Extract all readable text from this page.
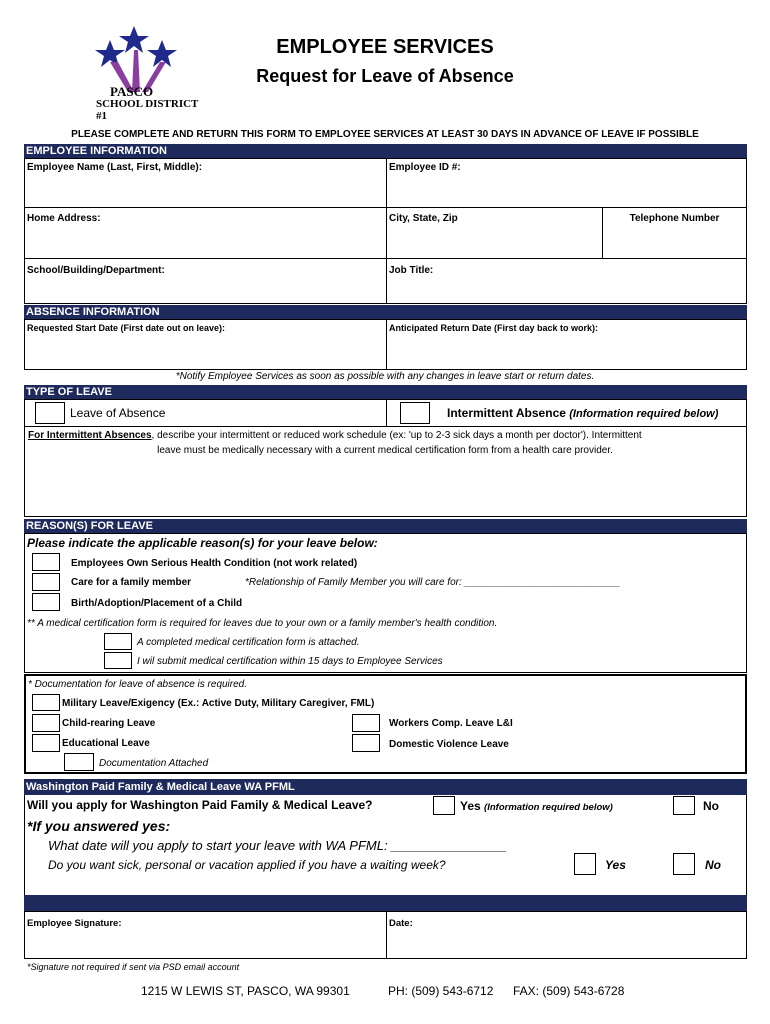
PASCO
SCHOOL DISTRICT #1
EMPLOYEE SERVICES
Request for Leave of Absence
PLEASE COMPLETE AND RETURN THIS FORM TO EMPLOYEE SERVICES AT LEAST 30 DAYS IN ADVANCE OF LEAVE IF POSSIBLE
EMPLOYEE INFORMATION
Employee Name (Last, First, Middle):	Employee ID #:
Home Address:	City, State, Zip	Telephone Number
School/Building/Department:	Job Title:
ABSENCE INFORMATION
Requested Start Date (First date out on leave):	Anticipated Return Date (First day back to work):
*Notify Employee Services as soon as possible with any changes in leave start or return dates.
TYPE OF LEAVE
Leave of Absence	Intermittent Absence (Information required below)
For Intermittent Absences, describe your intermittent or reduced work schedule (ex: 'up to 2-3 sick days a month per doctor'). Intermittent
leave must be medically necessary with a current medical certification form from a health care provider.
REASON(S) FOR LEAVE
Please indicate the applicable reason(s) for your leave below:
Employees Own Serious Health Condition (not work related)
Care for a family member	*Relationship of Family Member you will care for: ____________________________
Birth/Adoption/Placement of a Child
** A medical certification form is required for leaves due to your own or a family member's health condition.
A completed medical certification form is attached.
I wil submit medical certification within 15 days to Employee Services
* Documentation for leave of absence is required.
Military Leave/Exigency (Ex.: Active Duty, Military Caregiver, FML)
Child-rearing Leave	Workers Comp. Leave L&I
Educational Leave	Domestic Violence Leave
Documentation Attached
Washington Paid Family & Medical Leave WA PFML
Will you apply for Washington Paid Family & Medical Leave?	Yes (Information required below)	No
*If you answered yes:
What date will you apply to start your leave with WA PFML: ________________
Do you want sick, personal or vacation applied if you have a waiting week?	Yes	No
Employee Signature:	Date:
*Signature not required if sent via PSD email account
1215 W LEWIS ST, PASCO, WA 99301	PH: (509) 543-6712 FAX: (509) 543-6728
